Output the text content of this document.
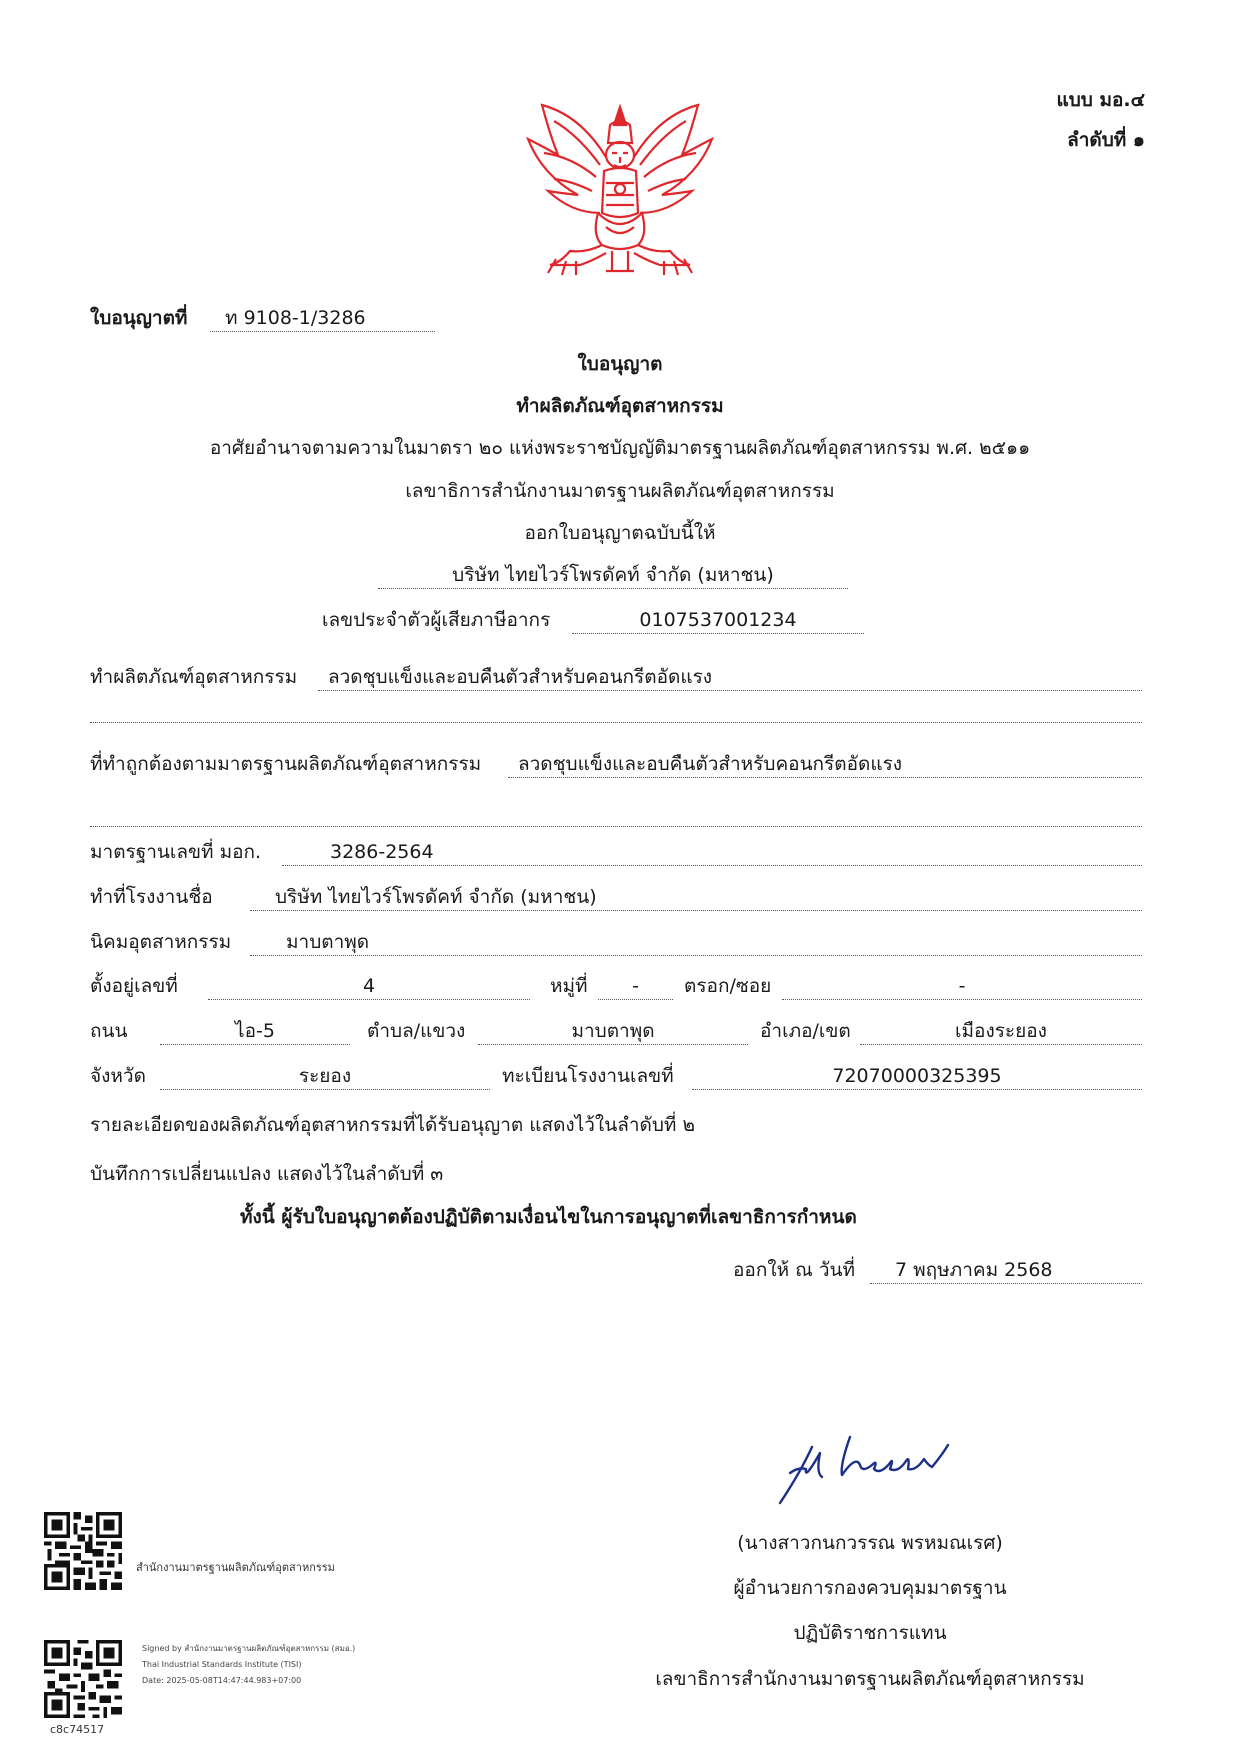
แบบ มอ.๔
ลำดับที่ ๑
ใบอนุญาตที่	ท 9108-1/3286
ใบอนุญาต
ทำผลิตภัณฑ์อุตสาหกรรม
อาศัยอำนาจตามความในมาตรา ๒๐ แห่งพระราชบัญญัติมาตรฐานผลิตภัณฑ์อุตสาหกรรม พ.ศ. ๒๕๑๑
เลขาธิการสำนักงานมาตรฐานผลิตภัณฑ์อุตสาหกรรม
ออกใบอนุญาตฉบับนี้ให้
บริษัท ไทยไวร์โพรดัคท์ จำกัด (มหาชน)
เลขประจำตัวผู้เสียภาษีอากร	0107537001234
ทำผลิตภัณฑ์อุตสาหกรรม	ลวดชุบแข็งและอบคืนตัวสำหรับคอนกรีตอัดแรง
ที่ทำถูกต้องตามมาตรฐานผลิตภัณฑ์อุตสาหกรรม	ลวดชุบแข็งและอบคืนตัวสำหรับคอนกรีตอัดแรง
มาตรฐานเลขที่ มอก.	3286-2564
ทำที่โรงงานชื่อ	บริษัท ไทยไวร์โพรดัคท์ จำกัด (มหาชน)
นิคมอุตสาหกรรม	มาบตาพุด
ตั้งอยู่เลขที่	4	หมู่ที่	-	ตรอก/ซอย	-
ถนน	ไอ-5	ตำบล/แขวง	มาบตาพุด	อำเภอ/เขต	เมืองระยอง
จังหวัด	ระยอง	ทะเบียนโรงงานเลขที่	72070000325395
รายละเอียดของผลิตภัณฑ์อุตสาหกรรมที่ได้รับอนุญาต แสดงไว้ในลำดับที่ ๒
บันทึกการเปลี่ยนแปลง แสดงไว้ในลำดับที่ ๓
ทั้งนี้ ผู้รับใบอนุญาตต้องปฏิบัติตามเงื่อนไขในการอนุญาตที่เลขาธิการกำหนด
ออกให้ ณ วันที่	7 พฤษภาคม 2568
(นางสาวกนกวรรณ พรหมณเรศ)
ผู้อำนวยการกองควบคุมมาตรฐาน
ปฏิบัติราชการแทน
เลขาธิการสำนักงานมาตรฐานผลิตภัณฑ์อุตสาหกรรม
สำนักงานมาตรฐานผลิตภัณฑ์อุตสาหกรรม
Signed by สำนักงานมาตรฐานผลิตภัณฑ์อุตสาหกรรม (สมอ.)
Thai Industrial Standards Institute (TISI)
Date: 2025-05-08T14:47:44.983+07:00
c8c74517
